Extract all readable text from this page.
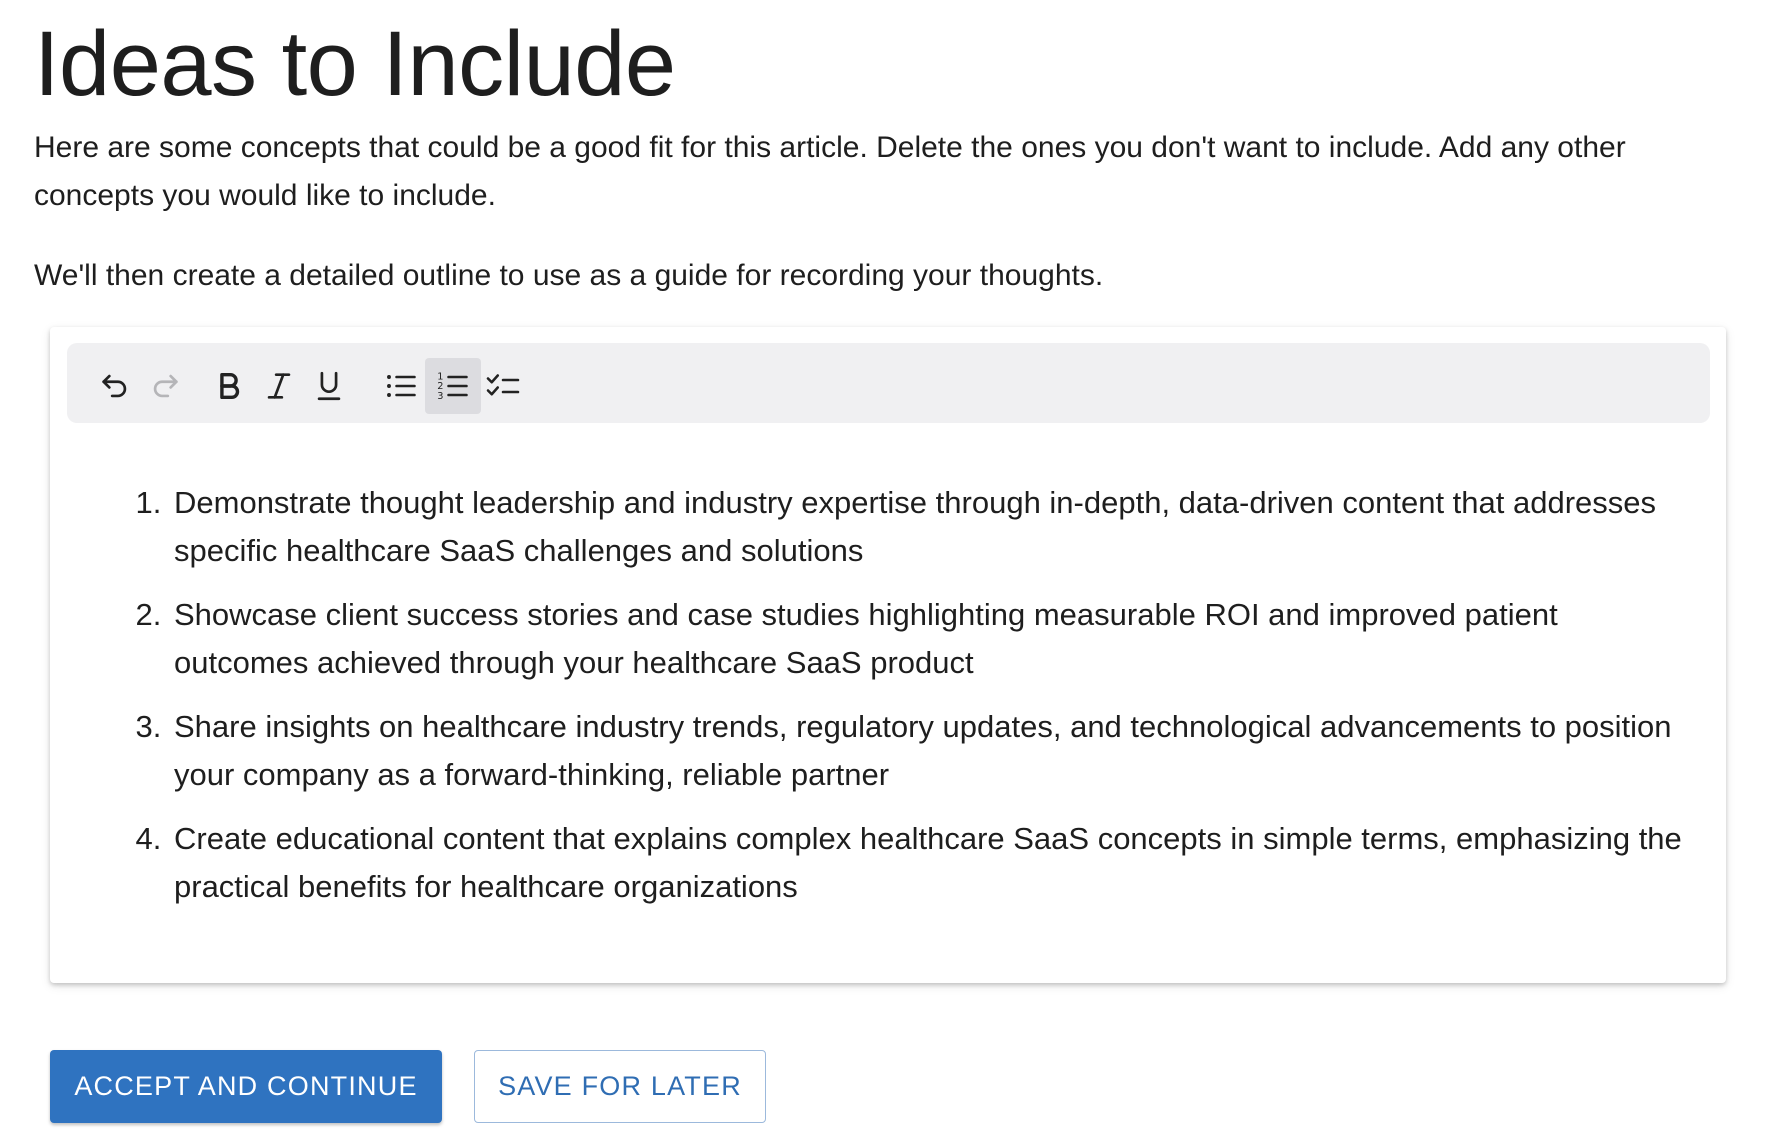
Ideas to Include

Here are some concepts that could be a good fit for this article. Delete the ones you don't want to include. Add any other concepts you would like to include.

We'll then create a detailed outline to use as a guide for recording your thoughts.

1
2
3
1. Demonstrate thought leadership and industry expertise through in-depth, data-driven content that addresses specific healthcare SaaS challenges and solutions
2. Showcase client success stories and case studies highlighting measurable ROI and improved patient outcomes achieved through your healthcare SaaS product
3. Share insights on healthcare industry trends, regulatory updates, and technological advancements to position your company as a forward-thinking, reliable partner
4. Create educational content that explains complex healthcare SaaS concepts in simple terms, emphasizing the practical benefits for healthcare organizations
ACCEPT AND CONTINUE	SAVE FOR LATER
